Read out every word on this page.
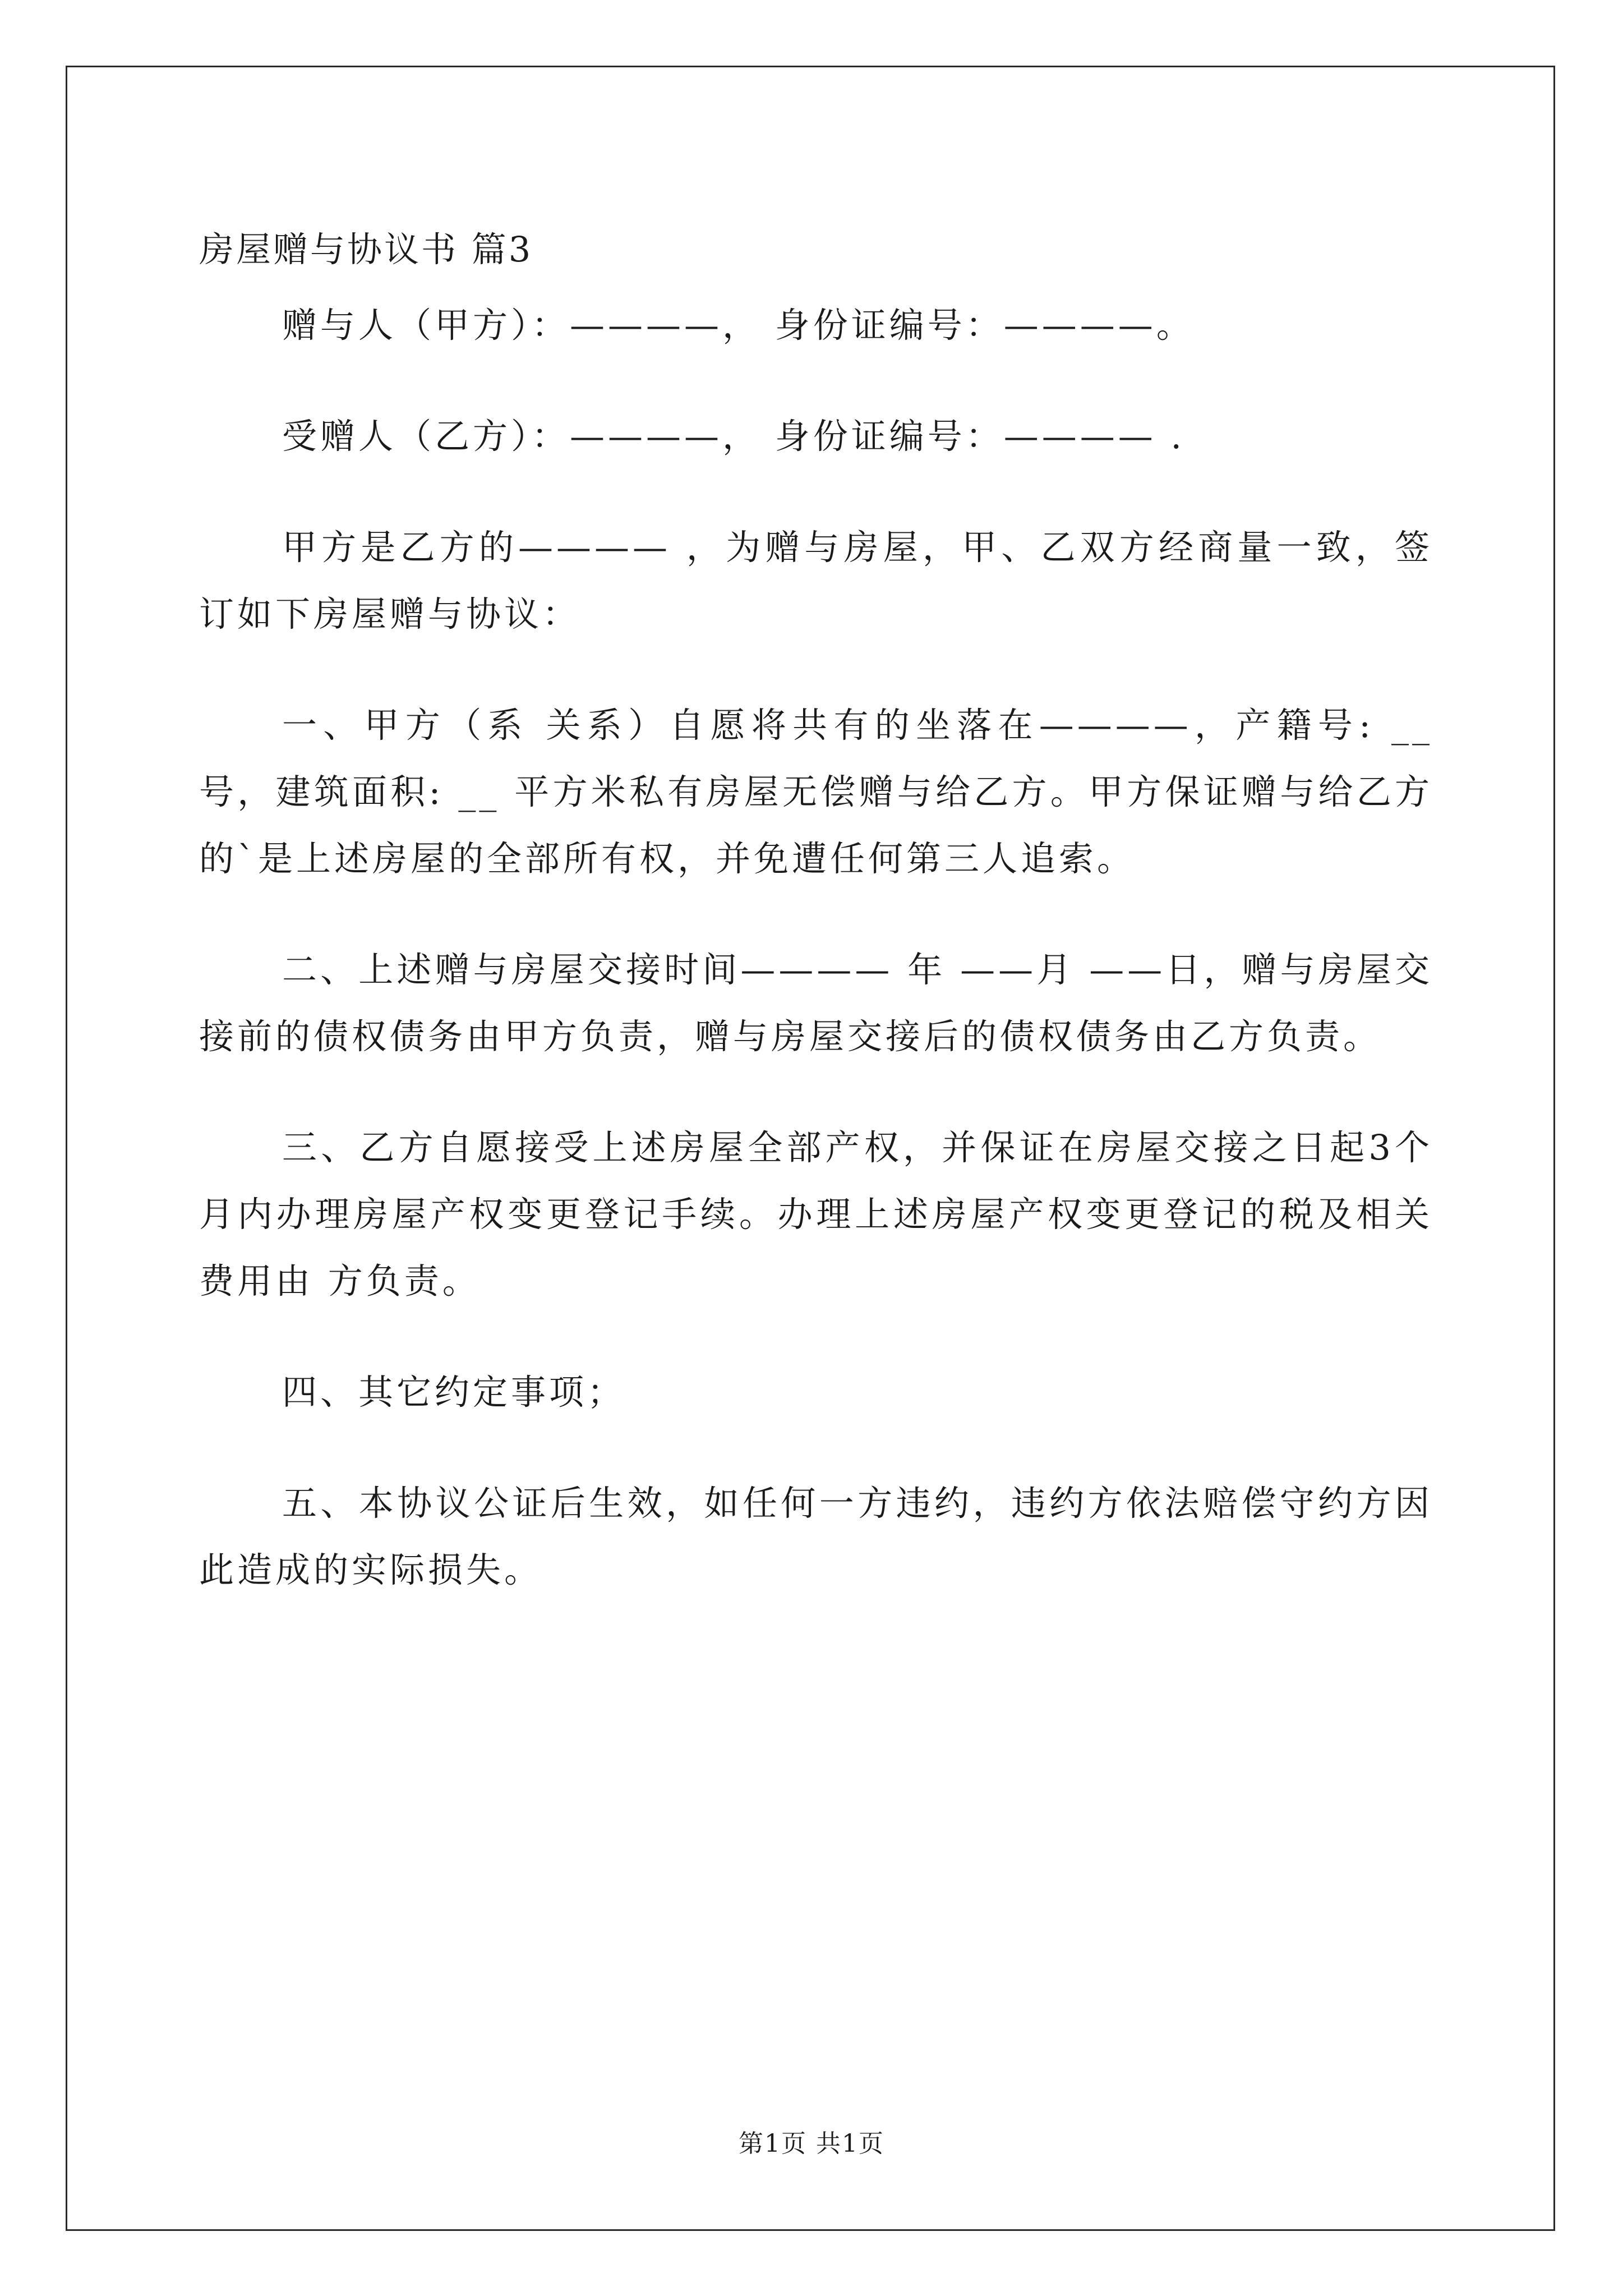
房屋赠与协议书 篇3

赠与人（甲方）：————， 身份证编号：————。

受赠人（乙方）：————， 身份证编号：———— .

甲方是乙方的———— ，为赠与房屋，甲、乙双方经商量一致，签订如下房屋赠与协议：

一、甲方（系 关系）自愿将共有的坐落在————，产籍号: __号，建筑面积: __ 平方米私有房屋无偿赠与给乙方。甲方保证赠与给乙方的`是上述房屋的全部所有权，并免遭任何第三人追索。

二、上述赠与房屋交接时间———— 年 ——月 ——日，赠与房屋交接前的债权债务由甲方负责，赠与房屋交接后的债权债务由乙方负责。

三、乙方自愿接受上述房屋全部产权，并保证在房屋交接之日起3个月内办理房屋产权变更登记手续。办理上述房屋产权变更登记的税及相关费用由 方负责。

四、其它约定事项；

五、本协议公证后生效，如任何一方违约，违约方依法赔偿守约方因此造成的实际损失。

第1页 共1页
